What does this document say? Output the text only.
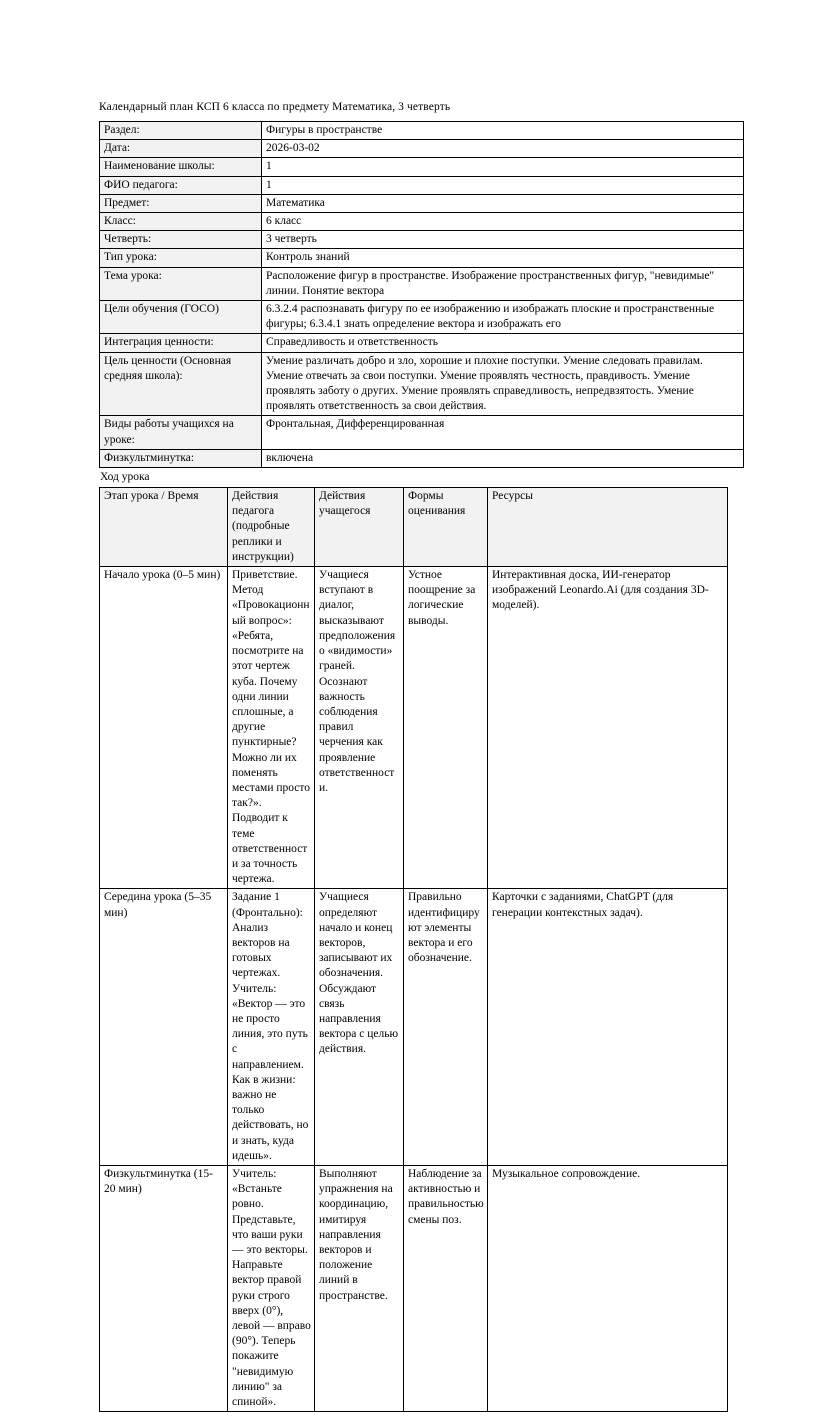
Календарный план КСП 6 класса по предмету Математика, 3 четверть

Раздел:	Фигуры в пространстве
Дата:	2026-03-02
Наименование школы:	1
ФИО педагога:	1
Предмет:	Математика
Класс:	6 класс
Четверть:	3 четверть
Тип урока:	Контроль знаний
Тема урока:	Расположение фигур в пространстве. Изображение пространственных фигур, "невидимые" линии. Понятие вектора
Цели обучения (ГОСО)	6.3.2.4 распознавать фигуру по ее изображению и изображать плоские и пространственные фигуры; 6.3.4.1 знать определение вектора и изображать его
Интеграция ценности:	Справедливость и ответственность
Цель ценности (Основная средняя школа):	Умение различать добро и зло, хорошие и плохие поступки. Умение следовать правилам. Умение отвечать за свои поступки. Умение проявлять честность, правдивость. Умение проявлять заботу о других. Умение проявлять справедливость, непредвзятость. Умение проявлять ответственность за свои действия.
Виды работы учащихся на уроке:	Фронтальная, Дифференцированная
Физкультминутка:	включена

Ход урока

Этап урока / Время	Действия педагога (подробные реплики и инструкции)	Действия учащегося	Формы оценивания	Ресурсы
Начало урока (0–5 мин)	Приветствие. Метод «Провокационный вопрос»: «Ребята, посмотрите на этот чертеж куба. Почему одни линии сплошные, а другие пунктирные? Можно ли их поменять местами просто так?». Подводит к теме ответственности за точность чертежа.	Учащиеся вступают в диалог, высказывают предположения о «видимости» граней. Осознают важность соблюдения правил черчения как проявление ответственности.	Устное поощрение за логические выводы.	Интерактивная доска, ИИ-генератор изображений Leonardo.Ai (для создания 3D-моделей).
Середина урока (5–35 мин)	Задание 1 (Фронтально): Анализ векторов на готовых чертежах. Учитель: «Вектор — это не просто линия, это путь с направлением. Как в жизни: важно не только действовать, но и знать, куда идешь».	Учащиеся определяют начало и конец векторов, записывают их обозначения. Обсуждают связь направления вектора с целью действия.	Правильно идентифицируют элементы вектора и его обозначение.	Карточки с заданиями, ChatGPT (для генерации контекстных задач).
Физкультминутка (15-20 мин)	Учитель: «Встаньте ровно. Представьте, что ваши руки — это векторы. Направьте вектор правой руки строго вверх (0°), левой — вправо (90°). Теперь покажите "невидимую линию" за спиной».	Выполняют упражнения на координацию, имитируя направления векторов и положение линий в пространстве.	Наблюдение за активностью и правильностью смены поз.	Музыкальное сопровождение.
